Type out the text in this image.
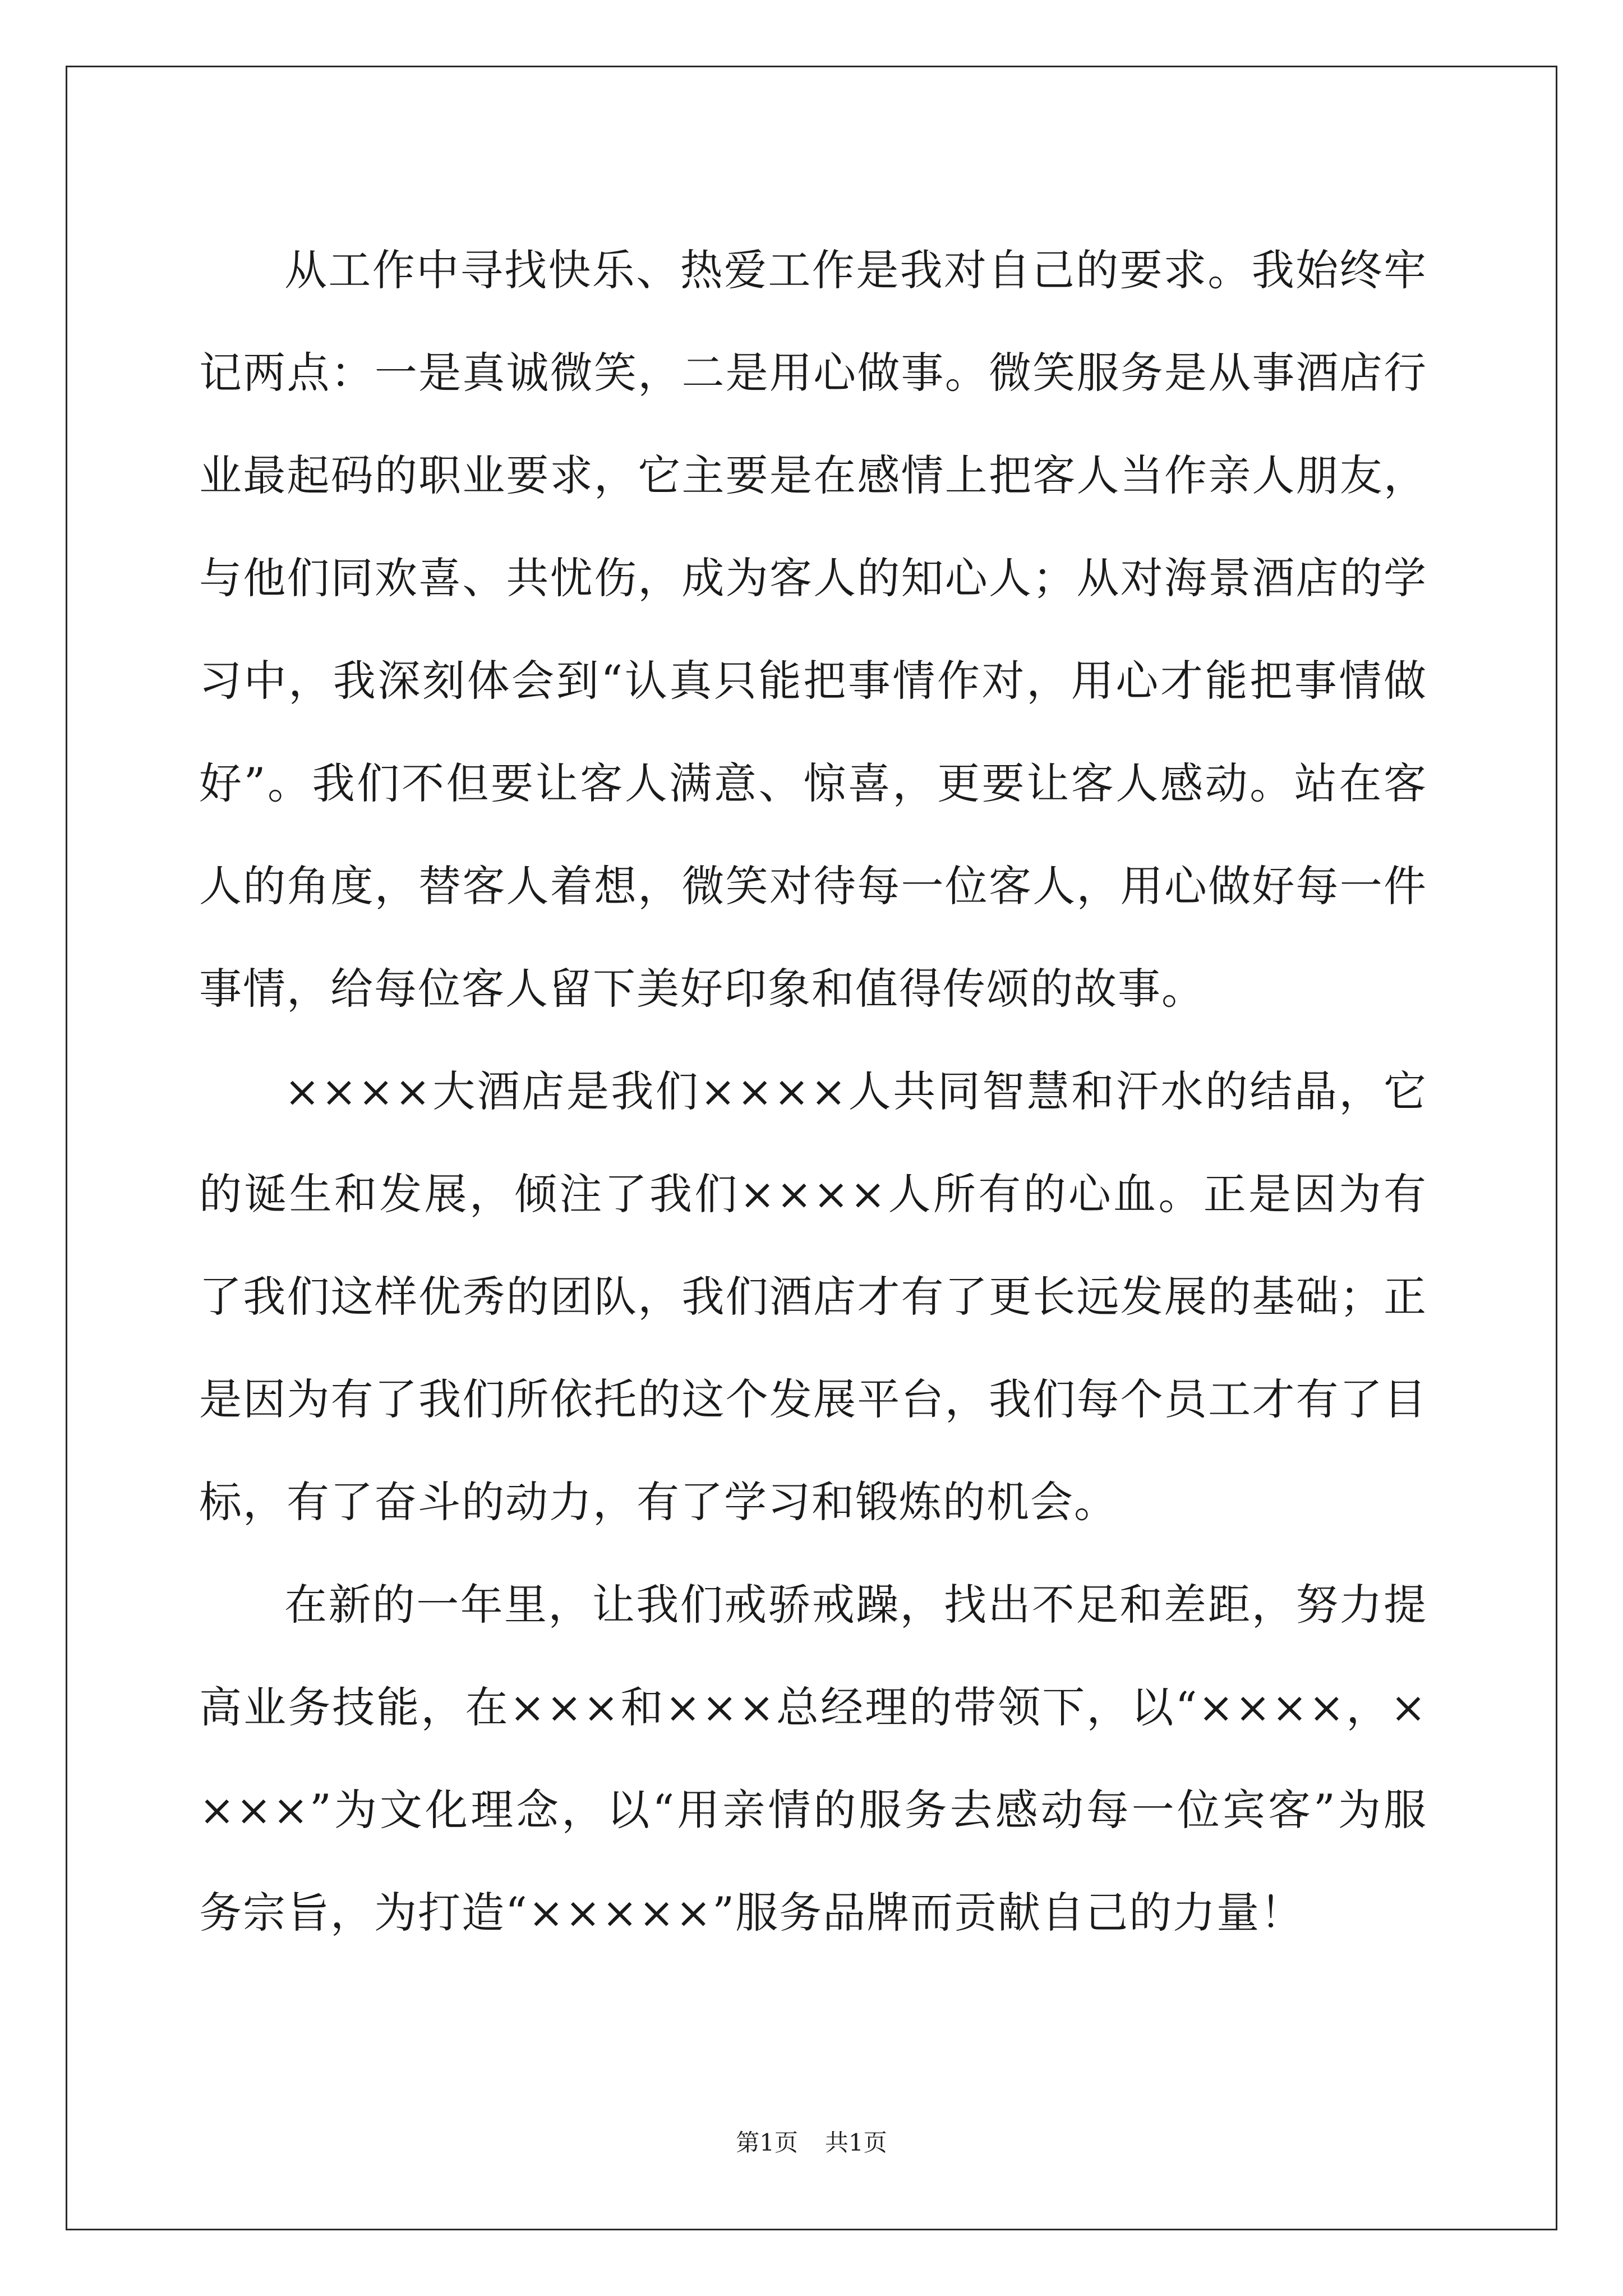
从工作中寻找快乐、热爱工作是我对自己的要求。我始终牢记两点：一是真诚微笑，二是用心做事。微笑服务是从事酒店行业最起码的职业要求，它主要是在感情上把客人当作亲人朋友，与他们同欢喜、共忧伤，成为客人的知心人；从对海景酒店的学习中，我深刻体会到“认真只能把事情作对，用心才能把事情做好”。我们不但要让客人满意、惊喜，更要让客人感动。站在客人的角度，替客人着想，微笑对待每一位客人，用心做好每一件事情，给每位客人留下美好印象和值得传颂的故事。

××××大酒店是我们××××人共同智慧和汗水的结晶，它的诞生和发展，倾注了我们××××人所有的心血。正是因为有了我们这样优秀的团队，我们酒店才有了更长远发展的基础；正是因为有了我们所依托的这个发展平台，我们每个员工才有了目标，有了奋斗的动力，有了学习和锻炼的机会。

在新的一年里，让我们戒骄戒躁，找出不足和差距，努力提高业务技能，在×××和×××总经理的带领下，以“××××，××××”为文化理念，以“用亲情的服务去感动每一位宾客”为服务宗旨，为打造“×××××”服务品牌而贡献自己的力量！

第1页 共1页
